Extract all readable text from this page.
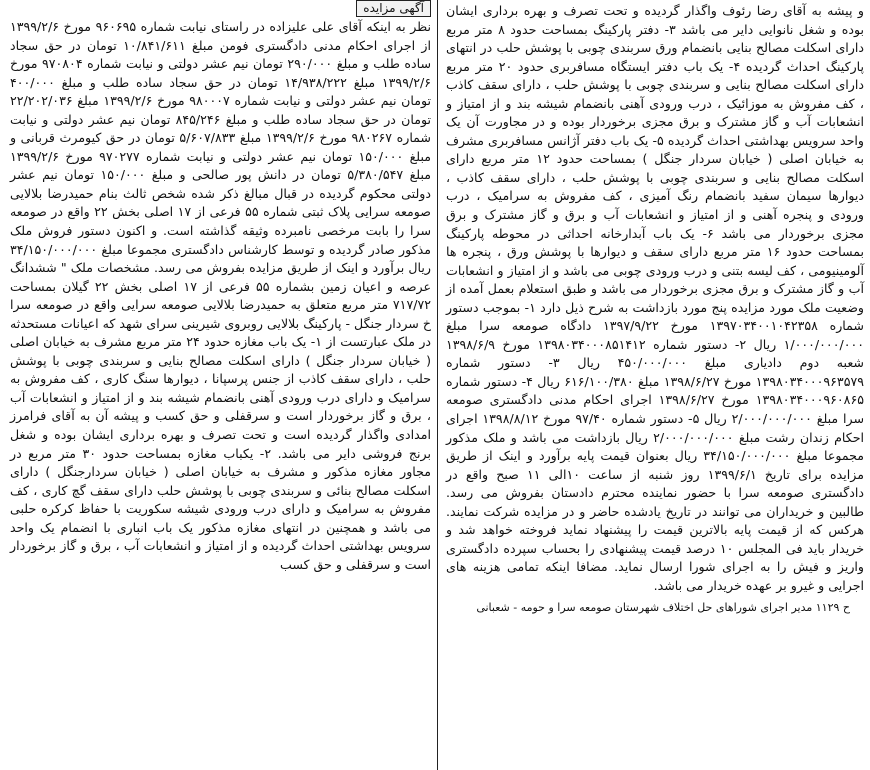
و پیشه به آقای رضا رئوف واگذار گردیده و تحت تصرف و بهره برداری ایشان بوده و شغل نانوایی دایر می باشد ۳- دفتر پارکینگ بمساحت حدود ۸ متر مربع دارای اسکلت مصالح بنایی بانضمام ورق سربندی چوبی با پوشش حلب در انتهای پارکینگ احداث گردیده ۴- یک باب دفتر ایستگاه مسافربری حدود ۲۰ متر مربع دارای اسکلت مصالح بنایی و سربندی چوبی با پوشش حلب ، دارای سقف کاذب ، کف مفروش به موزائیک ، درب ورودی آهنی بانضمام شیشه بند و از امتیاز و انشعابات آب و گاز مشترک و برق مجزی برخوردار بوده و در مجاورت آن یک واحد سرویس بهداشتی احداث گردیده ۵- یک باب دفتر آژانس مسافربری مشرف به خیابان اصلی ( خیابان سردار جنگل ) بمساحت حدود ۱۲ متر مربع دارای اسکلت مصالح بنایی و سربندی چوبی با پوشش حلب ، دارای سقف کاذب ، دیوارها سیمان سفید بانضمام رنگ آمیزی ، کف مفروش به سرامیک ، درب ورودی و پنجره آهنی و از امتیاز و انشعابات آب و برق و گاز مشترک و برق مجزی برخوردار می باشد ۶- یک باب آبدارخانه احداثی در محوطه پارکینگ بمساحت حدود ۱۶ متر مربع دارای سقف و دیوارها با پوشش ورق ، پنجره ها آلومینیومی ، کف لیسه بتنی و درب ورودی چوبی می باشد و از امتیاز و انشعابات آب و گاز مشترک و برق مجزی برخوردار می باشد و طبق استعلام بعمل آمده از وضعیت ملک مورد مزایده پنج مورد بازداشت به شرح ذیل دارد ۱- بموجب دستور شماره ۱۳۹۷۰۳۴۰۰۱۰۴۲۳۵۸ مورخ ۱۳۹۷/۹/۲۲ دادگاه صومعه سرا مبلغ ۱/۰۰۰/۰۰۰/۰۰۰ ریال ۲- دستور شماره ۱۳۹۸۰۳۴۰۰۰۸۵۱۴۱۲ مورخ ۱۳۹۸/۶/۹ شعبه دوم دادیاری مبلغ ۴۵۰/۰۰۰/۰۰۰ ریال ۳- دستور شماره ۱۳۹۸۰۳۴۰۰۰۹۶۳۵۷۹ مورخ ۱۳۹۸/۶/۲۷ مبلغ ۶۱۶/۱۰۰/۳۸۰ ریال ۴- دستور شماره ۱۳۹۸۰۳۴۰۰۰۹۶۰۸۶۵ مورخ ۱۳۹۸/۶/۲۷ اجرای احکام مدنی دادگستری صومعه سرا مبلغ ۲/۰۰۰/۰۰۰/۰۰۰ ریال ۵- دستور شماره ۹۷/۴۰ مورخ ۱۳۹۸/۸/۱۲ اجرای احکام زندان رشت مبلغ ۲/۰۰۰/۰۰۰/۰۰۰ ریال بازداشت می باشد و ملک مذکور مجموعا مبلغ ۳۴/۱۵۰/۰۰۰/۰۰۰ ریال بعنوان قیمت پایه برآورد و اینک از طریق مزایده برای تاریخ ۱۳۹۹/۶/۱ روز شنبه از ساعت ۱۰الی ۱۱ صبح واقع در دادگستری صومعه سرا با حضور نماینده محترم دادستان بفروش می رسد. طالبین و خریداران می توانند در تاریخ یادشده حاضر و در مزایده شرکت نمایند. هرکس که از قیمت پایه بالاترین قیمت را پیشنهاد نماید فروخته خواهد شد و خریدار باید فی المجلس ۱۰ درصد قیمت پیشنهادی را بحساب سپرده دادگستری واریز و فیش را به اجرای شورا ارسال نماید. مضافا اینکه تمامی هزینه های اجرایی و غیرو بر عهده خریدار می باشد.

ح ۱۱۲۹ مدیر اجرای شوراهای حل اختلاف شهرستان صومعه سرا و حومه - شعبانی
آگهی مزایده

نظر به اینکه آقای علی علیزاده در راستای نیابت شماره ۹۶۰۶۹۵ مورخ ۱۳۹۹/۲/۶ از اجرای احکام مدنی دادگستری فومن مبلغ ۱۰/۸۴۱/۶۱۱ تومان در حق سجاد ساده طلب و مبلغ ۲۹۰/۰۰۰ تومان نیم عشر دولتی و نیابت شماره ۹۷۰۸۰۴ مورخ ۱۳۹۹/۲/۶ مبلغ ۱۴/۹۳۸/۲۲۲ تومان در حق سجاد ساده طلب و مبلغ ۴۰۰/۰۰۰ تومان نیم عشر دولتی و نیابت شماره ۹۸۰۰۰۷ مورخ ۱۳۹۹/۲/۶ مبلغ ۲۲/۲۰۲/۰۳۶ تومان در حق سجاد ساده طلب و مبلغ ۸۴۵/۲۴۶ تومان نیم عشر دولتی و نیابت شماره ۹۸۰۲۶۷ مورخ ۱۳۹۹/۲/۶ مبلغ ۵/۶۰۷/۸۳۳ تومان در حق کیومرث قربانی و مبلغ ۱۵۰/۰۰۰ تومان نیم عشر دولتی و نیابت شماره ۹۷۰۲۷۷ مورخ ۱۳۹۹/۲/۶ مبلغ ۵/۳۸۰/۵۴۷ تومان در دانش پور صالحی و مبلغ ۱۵۰/۰۰۰ تومان نیم عشر دولتی محکوم گردیده در قبال مبالغ ذکر شده شخص ثالث بنام حمیدرضا بلالایی صومعه سرایی پلاک ثبتی شماره ۵۵ فرعی از ۱۷ اصلی بخش ۲۲ واقع در صومعه سرا را بابت مرخصی نامبرده وثیقه گذاشته است. و اکنون دستور فروش ملک مذکور صادر گردیده و توسط کارشناس دادگستری مجموعا مبلغ ۳۴/۱۵۰/۰۰۰/۰۰۰ ریال برآورد و اینک از طریق مزایده بفروش می رسد. مشخصات ملک " ششدانگ عرصه و اعیان زمین بشماره ۵۵ فرعی از ۱۷ اصلی بخش ۲۲ گیلان بمساحت ۷۱۷/۷۲ متر مربع متعلق به حمیدرضا بلالایی صومعه سرایی واقع در صومعه سرا خ سردار جنگل - پارکینگ بلالایی روبروی شیرینی سرای شهد که اعیانات مستحدثه در ملک عبارتست از ۱- یک باب مغازه حدود ۲۴ متر مربع مشرف به خیابان اصلی ( خیابان سردار جنگل ) دارای اسکلت مصالح بنایی و سربندی چوبی با پوشش حلب ، دارای سقف کاذب از جنس پرسپانا ، دیوارها سنگ کاری ، کف مفروش به سرامیک و دارای درب ورودی آهنی بانضمام شیشه بند و از امتیاز و انشعابات آب ، برق و گاز برخوردار است و سرقفلی و حق کسب و پیشه آن به آقای فرامرز امدادی واگذار گردیده است و تحت تصرف و بهره برداری ایشان بوده و شغل برنج فروشی دایر می باشد. ۲- یکباب مغازه بمساحت حدود ۳۰ متر مربع در مجاور مغازه مذکور و مشرف به خیابان اصلی ( خیابان سردارجنگل ) دارای اسکلت مصالح بنائی و سربندی چوبی با پوشش حلب دارای سقف گچ کاری ، کف مفروش به سرامیک و دارای درب ورودی شیشه سکوریت با حفاظ کرکره حلبی می باشد و همچنین در انتهای مغازه مذکور یک باب انباری با انضمام یک واحد سرویس بهداشتی احداث گردیده و از امتیاز و انشعابات آب ، برق و گاز برخوردار است و سرقفلی و حق کسب
